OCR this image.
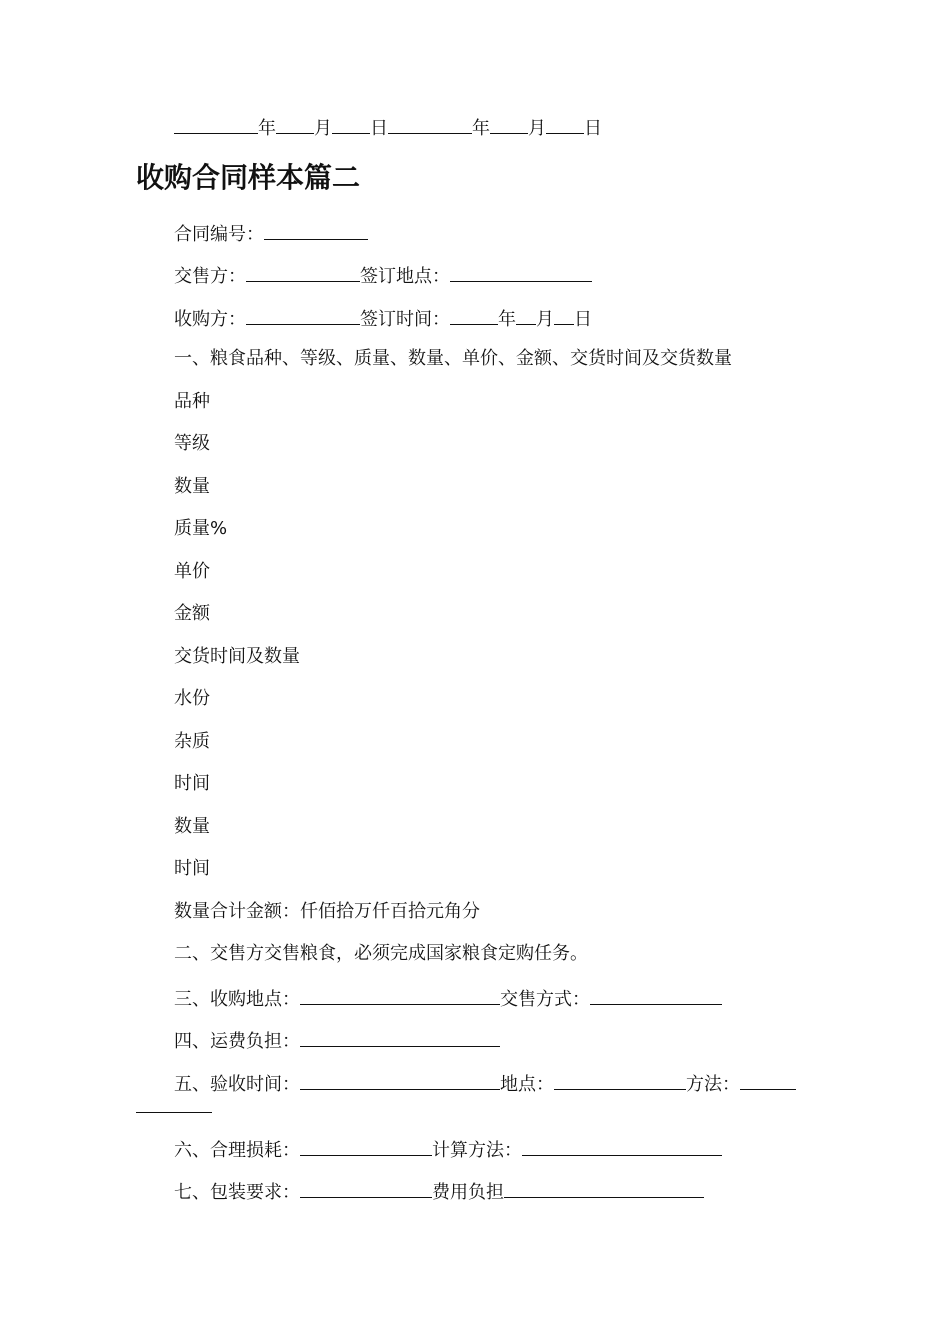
年 月 日	年 月 日
收购合同样本篇二
合同编号：
交售方：	签订地点：
收购方：	签订时间：	年 月 日
一、粮食品种、等级、质量、数量、单价、金额、交货时间及交货数量
品种
等级
数量
质量%
单价
金额
交货时间及数量
水份
杂质
时间
数量
时间
数量合计金额：仟佰拾万仟百拾元角分
二、交售方交售粮食，必须完成国家粮食定购任务。
三、收购地点：	交售方式：
四、运费负担：
五、验收时间：	地点：	方法：
六、合理损耗：	计算方法：
七、包装要求：	费用负担
